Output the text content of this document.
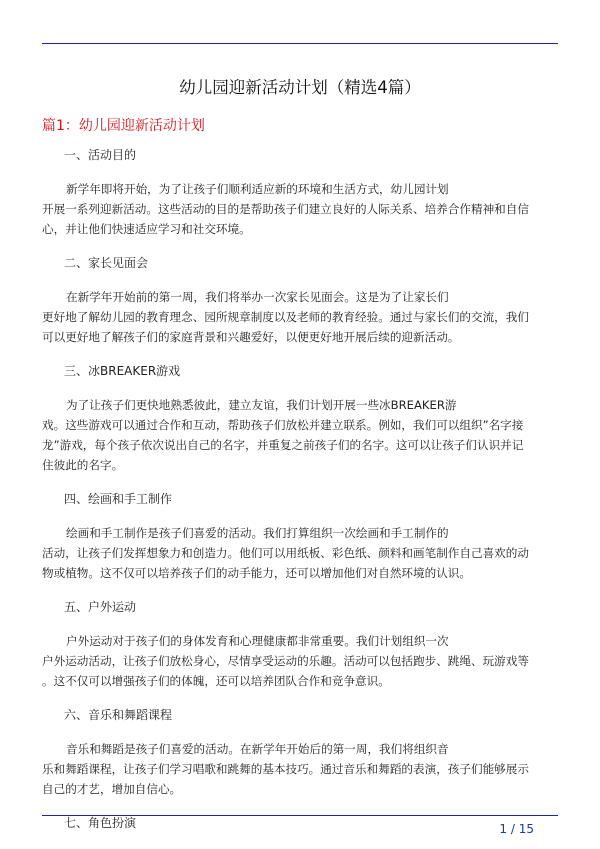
幼儿园迎新活动计划（精选4篇）
篇1：幼儿园迎新活动计划
一、活动目的
新学年即将开始，为了让孩子们顺利适应新的环境和生活方式，幼儿园计划
开展一系列迎新活动。这些活动的目的是帮助孩子们建立良好的人际关系、培养合作精神和自信
心，并让他们快速适应学习和社交环境。
二、家长见面会
在新学年开始前的第一周，我们将举办一次家长见面会。这是为了让家长们
更好地了解幼儿园的教育理念、园所规章制度以及老师的教育经验。通过与家长们的交流，我们
可以更好地了解孩子们的家庭背景和兴趣爱好，以便更好地开展后续的迎新活动。
三、冰BREAKER游戏
为了让孩子们更快地熟悉彼此，建立友谊，我们计划开展一些冰BREAKER游
戏。这些游戏可以通过合作和互动，帮助孩子们放松并建立联系。例如，我们可以组织”名字接
龙”游戏，每个孩子依次说出自己的名字，并重复之前孩子们的名字。这可以让孩子们认识并记
住彼此的名字。
四、绘画和手工制作
绘画和手工制作是孩子们喜爱的活动。我们打算组织一次绘画和手工制作的
活动，让孩子们发挥想象力和创造力。他们可以用纸板、彩色纸、颜料和画笔制作自己喜欢的动
物或植物。这不仅可以培养孩子们的动手能力，还可以增加他们对自然环境的认识。
五、户外运动
户外运动对于孩子们的身体发育和心理健康都非常重要。我们计划组织一次
户外运动活动，让孩子们放松身心，尽情享受运动的乐趣。活动可以包括跑步、跳绳、玩游戏等
。这不仅可以增强孩子们的体魄，还可以培养团队合作和竞争意识。
六、音乐和舞蹈课程
音乐和舞蹈是孩子们喜爱的活动。在新学年开始后的第一周，我们将组织音
乐和舞蹈课程，让孩子们学习唱歌和跳舞的基本技巧。通过音乐和舞蹈的表演，孩子们能够展示
自己的才艺，增加自信心。
七、角色扮演	1 / 15
